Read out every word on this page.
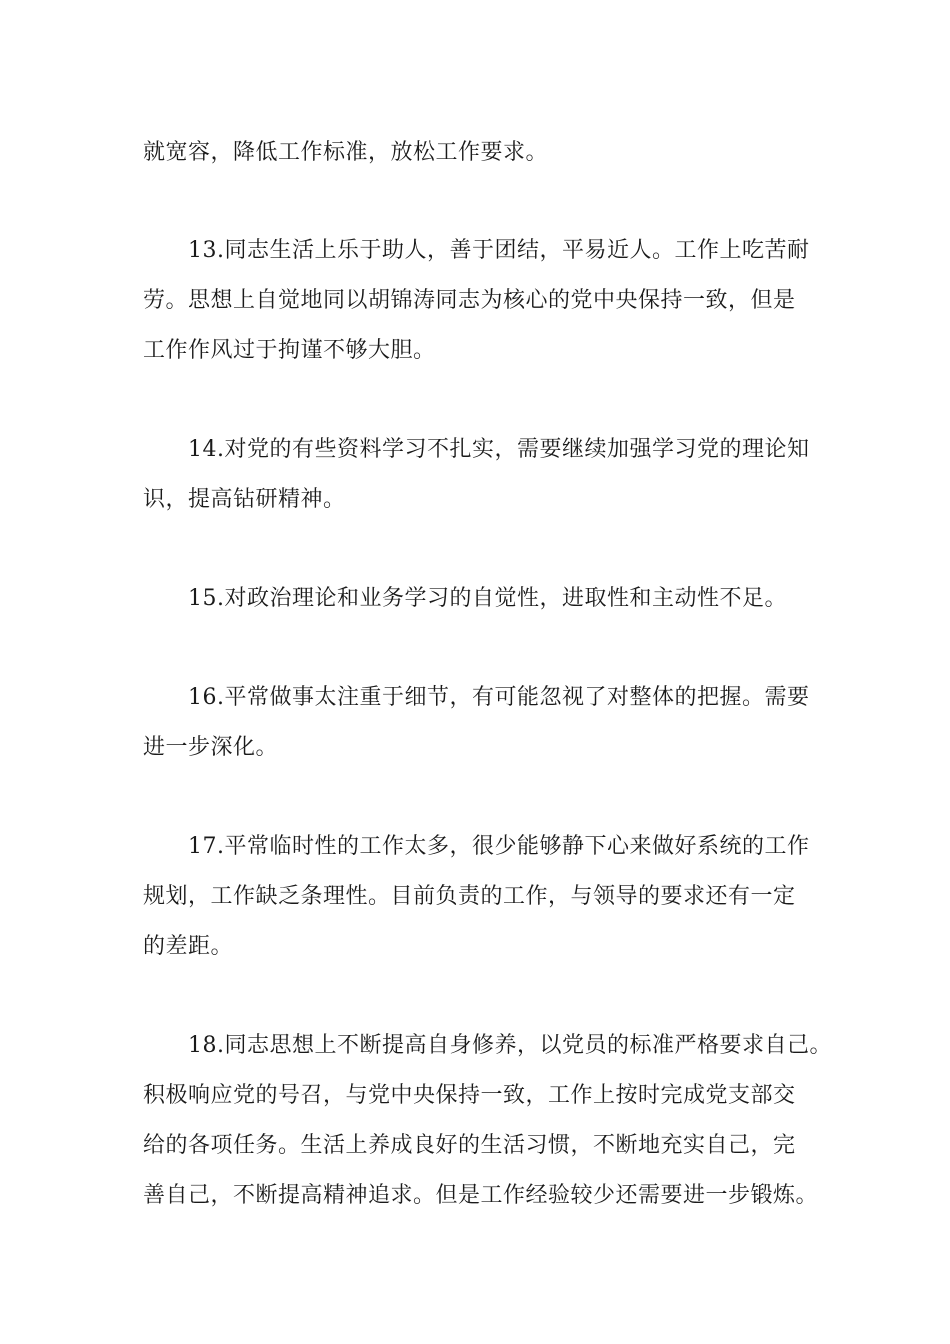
就宽容，降低工作标准，放松工作要求。
13.同志生活上乐于助人，善于团结，平易近人。工作上吃苦耐
劳。思想上自觉地同以胡锦涛同志为核心的党中央保持一致，但是
工作作风过于拘谨不够大胆。
14.对党的有些资料学习不扎实，需要继续加强学习党的理论知
识，提高钻研精神。
15.对政治理论和业务学习的自觉性，进取性和主动性不足。
16.平常做事太注重于细节，有可能忽视了对整体的把握。需要
进一步深化。
17.平常临时性的工作太多，很少能够静下心来做好系统的工作
规划，工作缺乏条理性。目前负责的工作，与领导的要求还有一定
的差距。
18.同志思想上不断提高自身修养，以党员的标准严格要求自己。
积极响应党的号召，与党中央保持一致，工作上按时完成党支部交
给的各项任务。生活上养成良好的生活习惯，不断地充实自己，完
善自己，不断提高精神追求。但是工作经验较少还需要进一步锻炼。
